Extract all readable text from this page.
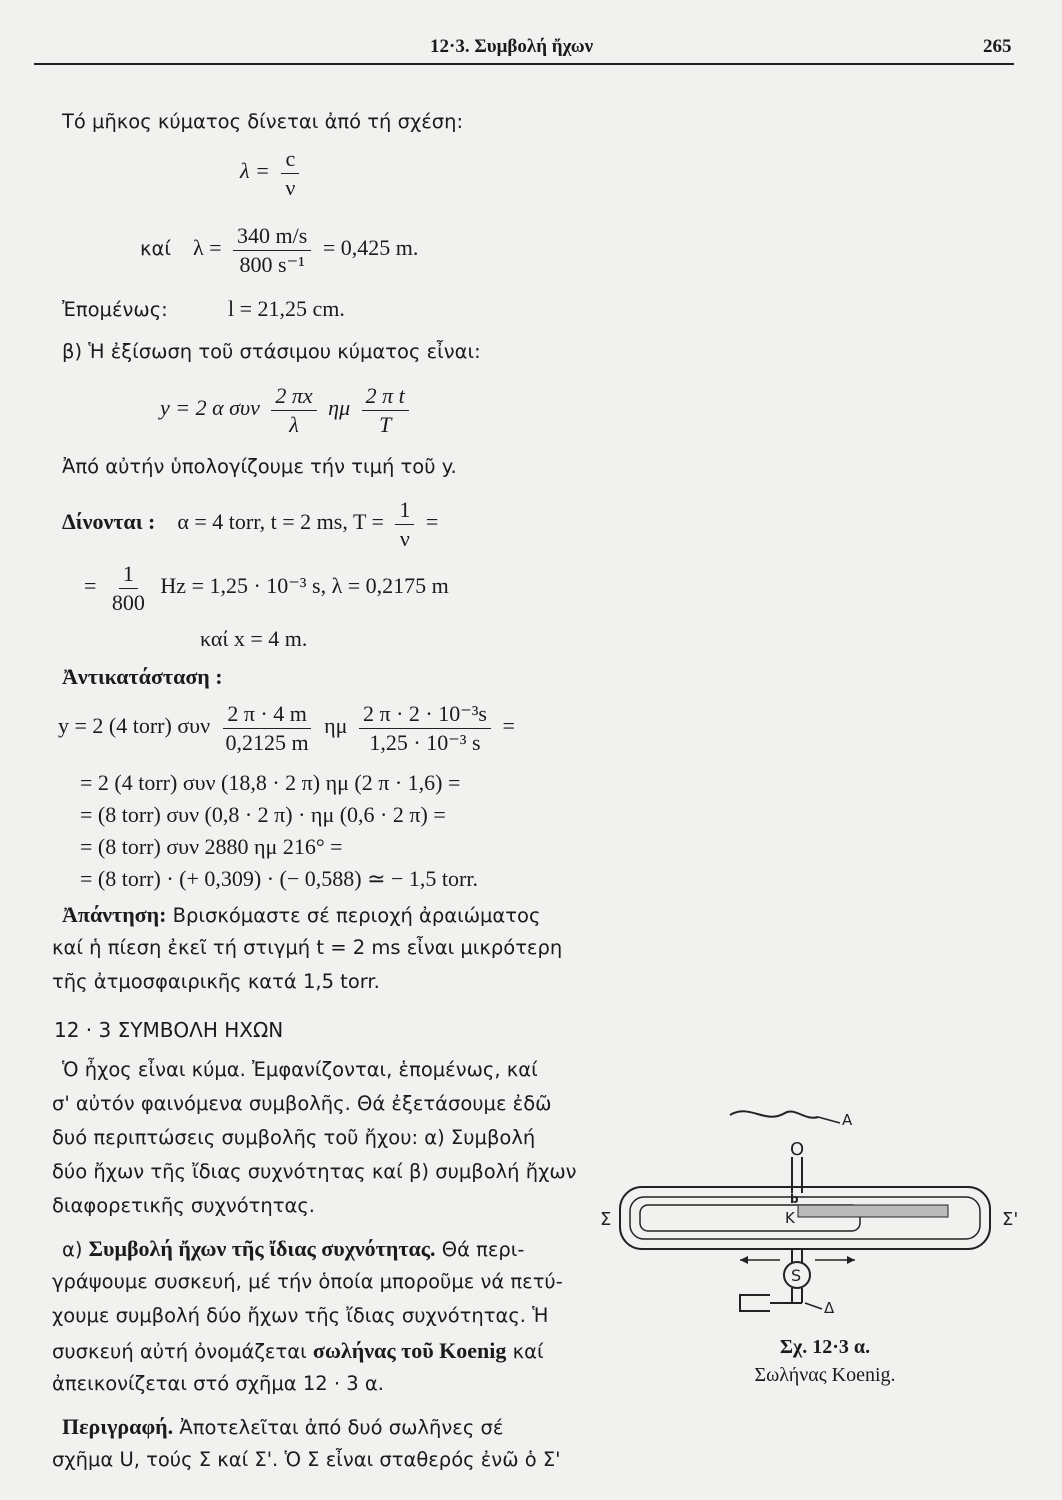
12·3. Συμβολή ἤχων	265
Τό μῆκος κύματος δίνεται ἀπό τή σχέση:
$\lambda = \frac{c}{\nu}$
καί $\lambda = \frac{340 m/s}{\text{800 s⁻¹}} = 0,425$ m.
Ἐπομένως:	l = 21,25 cm.
β) Ἡ ἐξίσωση τοῦ στάσιμου κύματος εἶναι:
y = 2 α συν $\frac{2 \pi x}{\lambda}$ ημ $\frac{\text{2 π t}}{T}$
Ἀπό αὐτήν ὑπολογίζουμε τήν τιμή τοῦ y.
Δίνονται : α = 4 torr, t = 2 ms, $T = \frac{1}{\nu}$ =
= $\frac{1}{800}$ Hz = 1,25 · 10⁻³ s, λ = 0,2175 m
καί x = 4 m.
Ἀντικατάσταση :
y = 2 (4 torr) συν $\frac{2 \pi \cdot 4 m}{0,2125 m}$ ημ $\frac{\text{2 π · 2 · 10⁻³s}}{\text{1,25 · 10⁻³ s}}$ =
= 2 (4 torr) συν (18,8 · 2 π) ημ (2 π · 1,6) =
= (8 torr) συν (0,8 · 2 π) · ημ (0,6 · 2 π) =
= (8 torr) συν 2880 ημ 216° =
= (8 torr) · (+ 0,309) · (− 0,588) ≃ − 1,5 torr.
Ἀπάντηση: Βρισκόμαστε σέ περιοχή ἀραιώματος
καί ἡ πίεση ἐκεῖ τή στιγμή t = 2 ms εἶναι μικρότερη
τῆς ἀτμοσφαιρικῆς κατά 1,5 torr.
12 · 3 ΣΥΜΒΟΛΗ ΗΧΩΝ
Ὁ ἦχος εἶναι κύμα. Ἐμφανίζονται, ἑπομένως, καί
σ' αὐτόν φαινόμενα συμβολῆς. Θά ἐξετάσουμε ἐδῶ
δυό περιπτώσεις συμβολῆς τοῦ ἤχου: α) Συμβολή
δύο ἤχων τῆς ἴδιας συχνότητας καί β) συμβολή ἤχων
διαφορετικῆς συχνότητας.
α) Συμβολή ἤχων τῆς ἴδιας συχνότητας. Θά περι-
γράψουμε συσκευή, μέ τήν ὁποία μποροῦμε νά πετύ-
χουμε συμβολή δύο ἤχων τῆς ἴδιας συχνότητας. Ἡ
συσκευή αὐτή ὀνομάζεται σωλήνας τοῦ Koenig καί
ἀπεικονίζεται στό σχῆμα 12 · 3 α.
Περιγραφή. Ἀποτελεῖται ἀπό δυό σωλῆνες σέ
σχῆμα U, τούς Σ καί Σ'. Ὁ Σ εἶναι σταθερός ἐνῶ ὁ Σ'
A
O
K
b
Σ	Σ'
S
Δ
Σχ. 12·3 α.
Σωλήνας Koenig.
